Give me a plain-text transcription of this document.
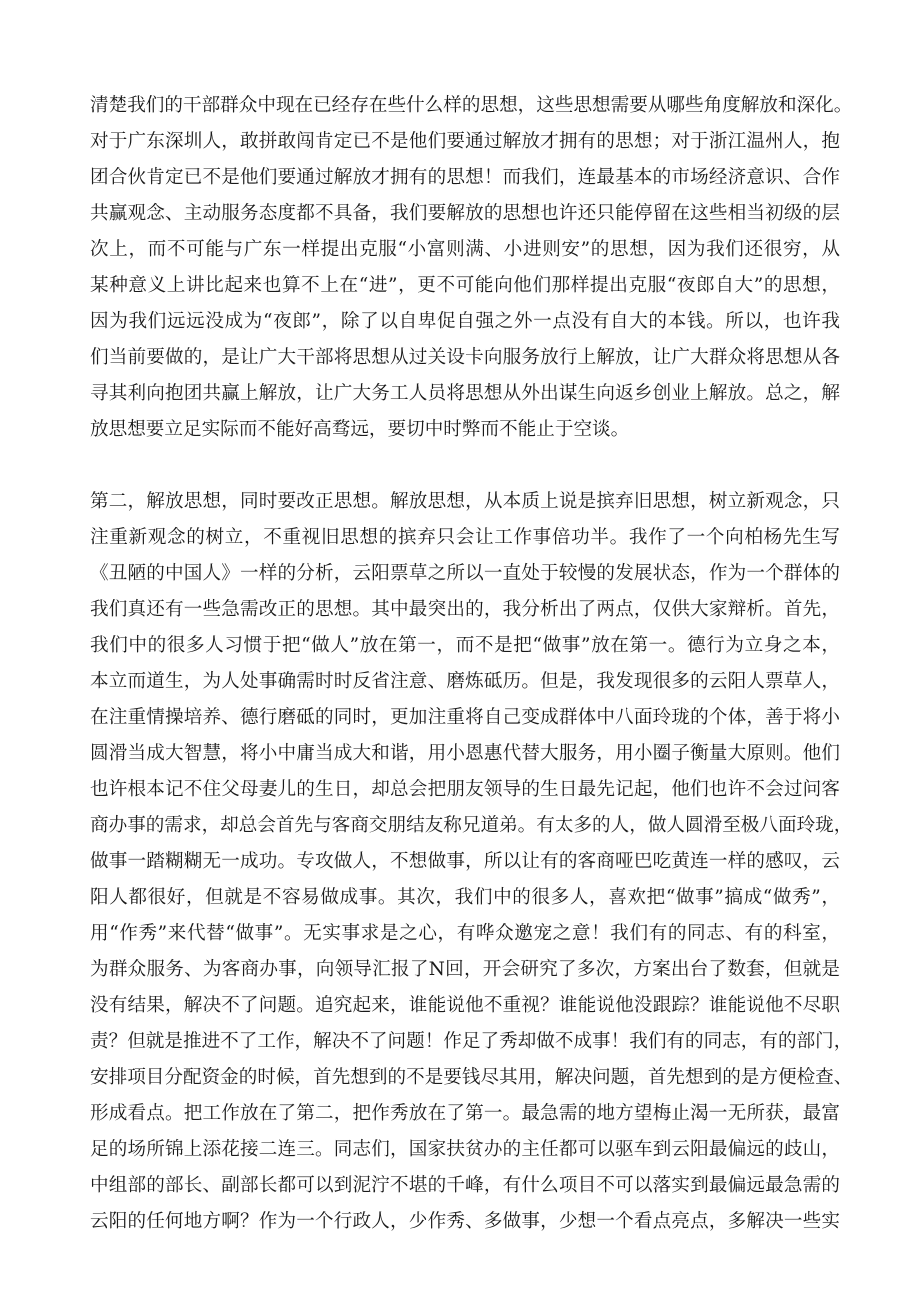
清楚我们的干部群众中现在已经存在些什么样的思想，这些思想需要从哪些角度解放和深化。
对于广东深圳人，敢拼敢闯肯定已不是他们要通过解放才拥有的思想；对于浙江温州人，抱
团合伙肯定已不是他们要通过解放才拥有的思想！而我们，连最基本的市场经济意识、合作
共赢观念、主动服务态度都不具备，我们要解放的思想也许还只能停留在这些相当初级的层
次上，而不可能与广东一样提出克服“小富则满、小进则安”的思想，因为我们还很穷，从
某种意义上讲比起来也算不上在“进”，更不可能向他们那样提出克服“夜郎自大”的思想，
因为我们远远没成为“夜郎”，除了以自卑促自强之外一点没有自大的本钱。所以，也许我
们当前要做的，是让广大干部将思想从过关设卡向服务放行上解放，让广大群众将思想从各
寻其利向抱团共赢上解放，让广大务工人员将思想从外出谋生向返乡创业上解放。总之，解
放思想要立足实际而不能好高骛远，要切中时弊而不能止于空谈。
第二，解放思想，同时要改正思想。解放思想，从本质上说是摈弃旧思想，树立新观念，只
注重新观念的树立，不重视旧思想的摈弃只会让工作事倍功半。我作了一个向柏杨先生写
《丑陋的中国人》一样的分析，云阳票草之所以一直处于较慢的发展状态，作为一个群体的
我们真还有一些急需改正的思想。其中最突出的，我分析出了两点，仅供大家辩析。首先，
我们中的很多人习惯于把“做人”放在第一，而不是把“做事”放在第一。德行为立身之本，
本立而道生，为人处事确需时时反省注意、磨炼砥历。但是，我发现很多的云阳人票草人，
在注重情操培养、德行磨砥的同时，更加注重将自己变成群体中八面玲珑的个体，善于将小
圆滑当成大智慧，将小中庸当成大和谐，用小恩惠代替大服务，用小圈子衡量大原则。他们
也许根本记不住父母妻儿的生日，却总会把朋友领导的生日最先记起，他们也许不会过问客
商办事的需求，却总会首先与客商交朋结友称兄道弟。有太多的人，做人圆滑至极八面玲珑，
做事一踏糊糊无一成功。专攻做人，不想做事，所以让有的客商哑巴吃黄连一样的感叹，云
阳人都很好，但就是不容易做成事。其次，我们中的很多人，喜欢把“做事”搞成“做秀”，
用“作秀”来代替“做事”。无实事求是之心，有哗众邀宠之意！我们有的同志、有的科室，
为群众服务、为客商办事，向领导汇报了N回，开会研究了多次，方案出台了数套，但就是
没有结果，解决不了问题。追究起来，谁能说他不重视？谁能说他没跟踪？谁能说他不尽职
责？但就是推进不了工作，解决不了问题！作足了秀却做不成事！我们有的同志，有的部门，
安排项目分配资金的时候，首先想到的不是要钱尽其用，解决问题，首先想到的是方便检查、
形成看点。把工作放在了第二，把作秀放在了第一。最急需的地方望梅止渴一无所获，最富
足的场所锦上添花接二连三。同志们，国家扶贫办的主任都可以驱车到云阳最偏远的歧山，
中组部的部长、副部长都可以到泥泞不堪的千峰，有什么项目不可以落实到最偏远最急需的
云阳的任何地方啊？作为一个行政人，少作秀、多做事，少想一个看点亮点，多解决一些实
